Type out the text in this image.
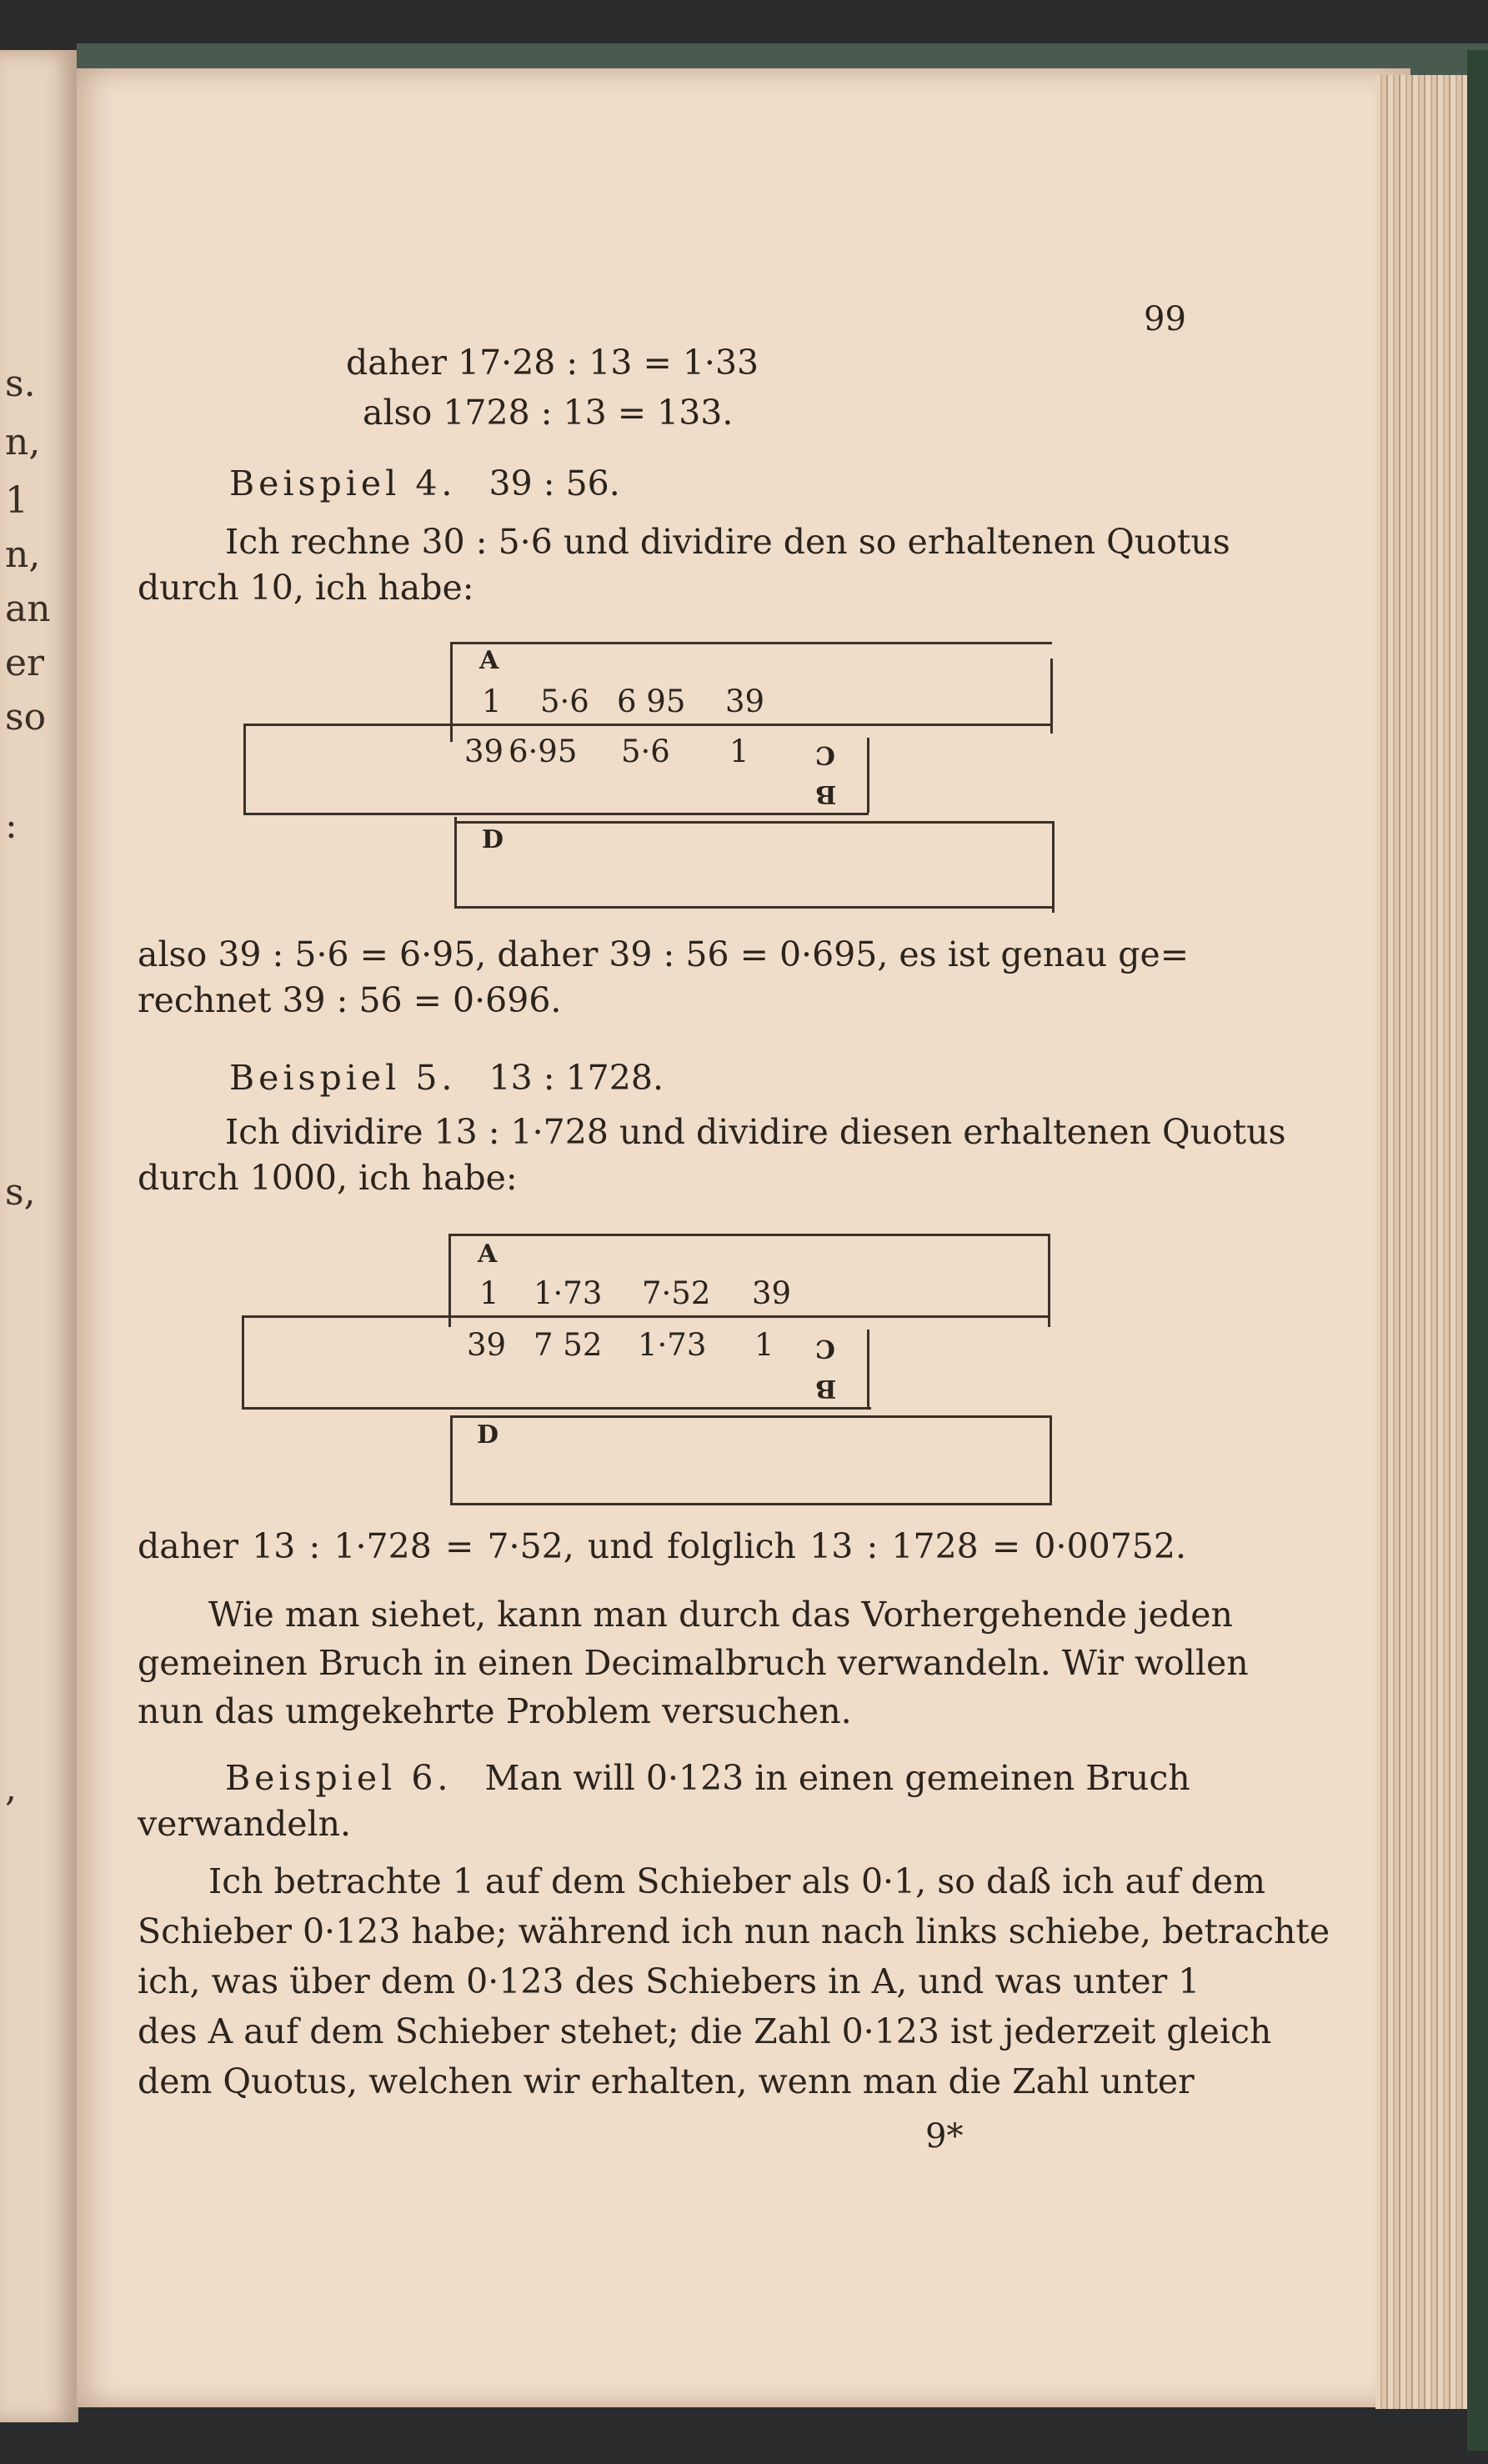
s.
n,
1
n,
an
er
so
:
s,
,
99
daher 17·28 : 13 = 1·33
also 1728 : 13 = 133.
Beispiel 4. 39 : 56.
Ich rechne 30 : 5·6 und dividire den so erhaltenen Quotus
durch 10, ich habe:
A
1 5·6 6 95 39
39 6·95 5·6 1	C
B
D
also 39 : 5·6 = 6·95, daher 39 : 56 = 0·695, es ist genau ge=
rechnet 39 : 56 = 0·696.
Beispiel 5. 13 : 1728.
Ich dividire 13 : 1·728 und dividire diesen erhaltenen Quotus
durch 1000, ich habe:
A
1 1·73 7·52 39
39 7 52 1·73 1 C
B
D
daher 13 : 1·728 = 7·52, und folglich 13 : 1728 = 0·00752.
Wie man siehet, kann man durch das Vorhergehende jeden
gemeinen Bruch in einen Decimalbruch verwandeln. Wir wollen
nun das umgekehrte Problem versuchen.
Beispiel 6. Man will 0·123 in einen gemeinen Bruch
verwandeln.
Ich betrachte 1 auf dem Schieber als 0·1, so daß ich auf dem
Schieber 0·123 habe; während ich nun nach links schiebe, betrachte
ich, was über dem 0·123 des Schiebers in A, und was unter 1
des A auf dem Schieber stehet; die Zahl 0·123 ist jederzeit gleich
dem Quotus, welchen wir erhalten, wenn man die Zahl unter
9*
